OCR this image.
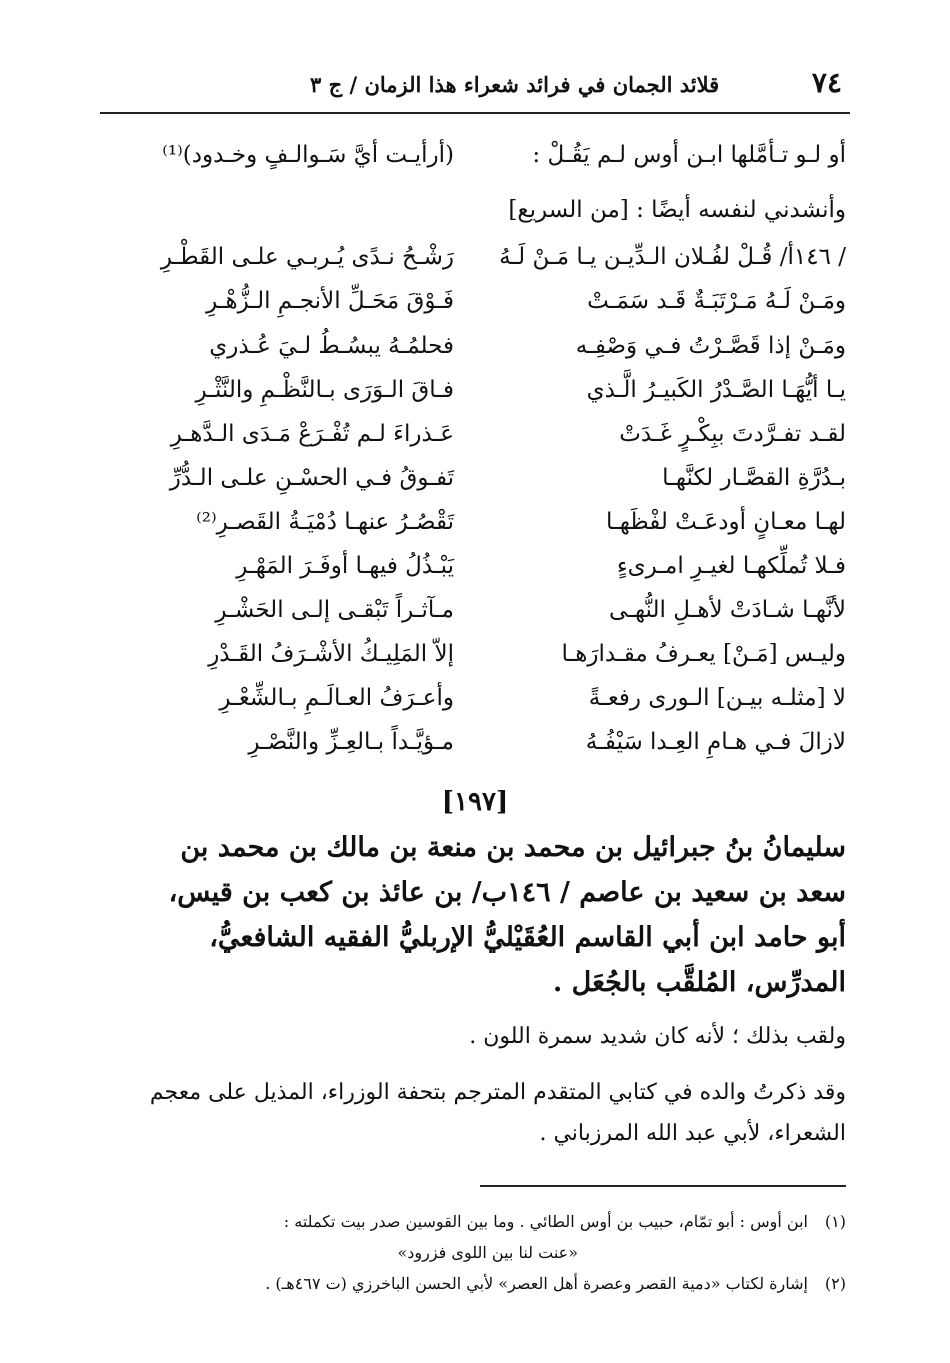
٧٤
قلائد الجمان في فرائد شعراء هذا الزمان / ج ٣
أو لـو تـأمَّلها ابـن أوس لـم يَقُـلْ :
(أرأيـت أيَّ سَـوالـفٍ وخـدود)⁽¹⁾
وأنشدني لنفسه أيضًا : [من السريع]
/ ١٤٦أ/ قُـلْ لفُـلان الـدِّيـن يـا مَـنْ لَـهُ
رَشْـحُ نـدًى يُـربـي علـى القَطْـرِ
ومَـنْ لَـهُ مَـرْتَبَـةٌ قَـد سَمَـتْ
فَـوْقَ مَحَـلِّ الأنجـمِ الـزُّهْـرِ
ومَـنْ إذا قَصَّـرْتُ فـي وَصْفِـه
فحلمُـهُ يبسُـطُ لـيَ عُـذري
يـا أيُّهَـا الصَّـدْرُ الكَبيـرُ الَّـذي
فـاقَ الـوَرَى بـالنَّظْـمِ والنَّثْـرِ
لقـد تفـرَّدتَ ببِكْـرٍ غَـدَتْ
عَـذراءَ لـم تُفْـرَعْ مَـدَى الـدَّهـرِ
بـدُرَّةِ القصَّـار لكنَّهـا
تَفـوقُ فـي الحسْـنِ علـى الـدُّرِّ
لهـا معـانٍ أودعَـتْ لفْظَهـا
تَقْصُـرُ عنهـا دُمْيَـةُ القَصـرِ⁽²⁾
فـلا تُملِّكهـا لغيـرِ امـرىءٍ
يَبْـذُلُ فيهـا أوفَـرَ المَهْـرِ
لأنَّهـا شـادَتْ لأهـلِ النُّهـى
مـآثـراً تَبْقـى إلـى الحَشْـرِ
وليـس [مَـنْ] يعـرفُ مقـدارَهـا
إلاّ المَلِيـكُ الأشْـرَفُ القَـدْرِ
لا [مثلـه بيـن] الـورى رفعـةً
وأعـرَفُ العـالَـمِ بـالشِّعْـرِ
لازالَ فـي هـامِ العِـدا سَيْفُـهُ
مـؤيَّـداً بـالعِـزِّ والنَّصْـرِ
[١٩٧]
سليمانُ بنُ جبرائيل بن محمد بن منعة بن مالك بن محمد بن
سعد بن سعيد بن عاصم / ١٤٦ب/ بن عائذ بن كعب بن قيس،
أبو حامد ابن أبي القاسم العُقَيْليُّ الإربليُّ الفقيه الشافعيُّ،
المدرِّس، المُلقَّب بالجُعَل .
ولقب بذلك ؛ لأنه كان شديد سمرة اللون .
وقد ذكرتُ والده في كتابي المتقدم المترجم بتحفة الوزراء، المذيل على معجم
الشعراء، لأبي عبد الله المرزباني .
(١)
ابن أوس : أبو تمّام، حبيب بن أوس الطائي . وما بين القوسين صدر بيت تكملته :
«عنت لنا بين اللوى فزرود»
(٢)
إشارة لكتاب «دمية القصر وعصرة أهل العصر» لأبي الحسن الباخرزي (ت ٤٦٧هـ) .
